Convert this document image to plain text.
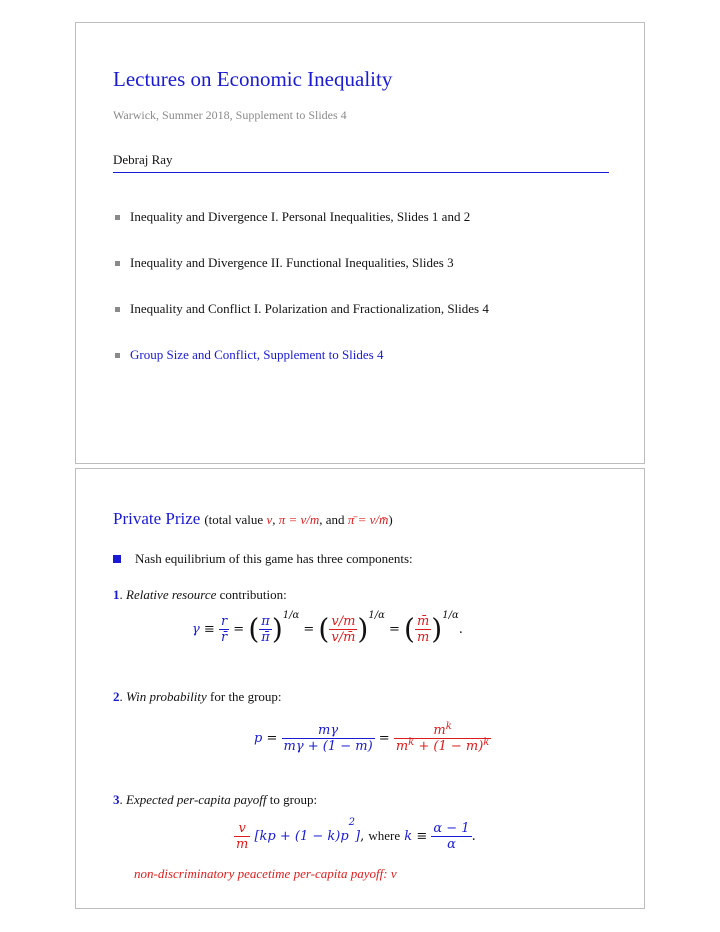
Lectures on Economic Inequality
Warwick, Summer 2018, Supplement to Slides 4
Debraj Ray
Inequality and Divergence I. Personal Inequalities, Slides 1 and 2
Inequality and Divergence II. Functional Inequalities, Slides 3
Inequality and Conflict I. Polarization and Fractionalization, Slides 4
Group Size and Conflict, Supplement to Slides 4
Private Prize (total value v, π = v/m, and π̄ = v/m̄)
Nash equilibrium of this game has three components:
1. Relative resource contribution:
$\gamma \equiv \frac{r}{r̄}$ = ( $\frac{\pi}{\pī} )^{1/\alpha}$ = ( $\frac{v/m}{v/m̄} )^{1/\alpha}$ = ( $\frac{m̄}{m} )^{1/\alpha}$.
2. Win probability for the group:
$p = \frac{m\gamma}{m\gamma + (1 - m)} = \frac{m^k}{m^k + (1 - m)^k}$
3. Expected per-capita payoff to group:
$\frac{v}{m} [kp + (1 - k)p^2]$, where $k \equiv \frac{\alpha - 1}{\alpha}$ .
non-discriminatory peacetime per-capita payoff: v
